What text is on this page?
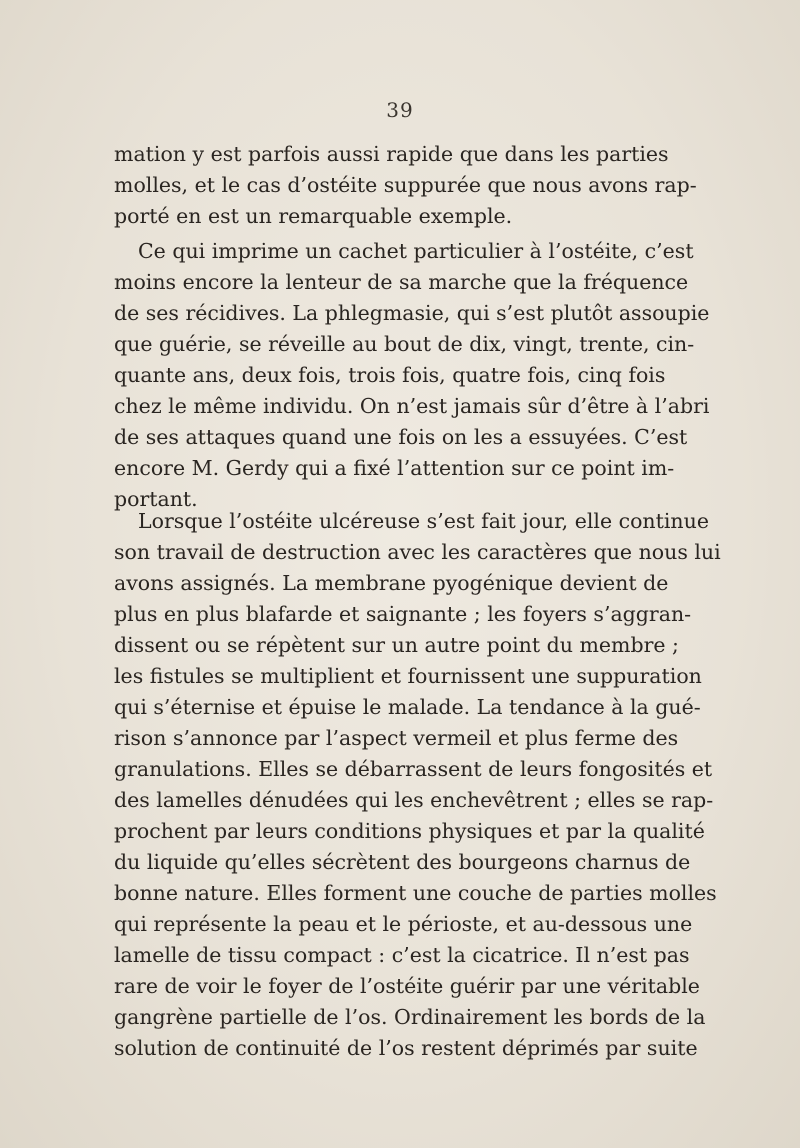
39
mation y est parfois aussi rapide que dans les parties
molles, et le cas d’ostéite suppurée que nous avons rap-
porté en est un remarquable exemple.
Ce qui imprime un cachet particulier à l’ostéite, c’est
moins encore la lenteur de sa marche que la fréquence
de ses récidives. La phlegmasie, qui s’est plutôt assoupie
que guérie, se réveille au bout de dix, vingt, trente, cin-
quante ans, deux fois, trois fois, quatre fois, cinq fois
chez le même individu. On n’est jamais sûr d’être à l’abri
de ses attaques quand une fois on les a essuyées. C’est
encore M. Gerdy qui a fixé l’attention sur ce point im-
portant.
Lorsque l’ostéite ulcéreuse s’est fait jour, elle continue
son travail de destruction avec les caractères que nous lui
avons assignés. La membrane pyogénique devient de
plus en plus blafarde et saignante ; les foyers s’aggran-
dissent ou se répètent sur un autre point du membre ;
les fistules se multiplient et fournissent une suppuration
qui s’éternise et épuise le malade. La tendance à la gué-
rison s’annonce par l’aspect vermeil et plus ferme des
granulations. Elles se débarrassent de leurs fongosités et
des lamelles dénudées qui les enchevêtrent ; elles se rap-
prochent par leurs conditions physiques et par la qualité
du liquide qu’elles sécrètent des bourgeons charnus de
bonne nature. Elles forment une couche de parties molles
qui représente la peau et le périoste, et au-dessous une
lamelle de tissu compact : c’est la cicatrice. Il n’est pas
rare de voir le foyer de l’ostéite guérir par une véritable
gangrène partielle de l’os. Ordinairement les bords de la
solution de continuité de l’os restent déprimés par suite
